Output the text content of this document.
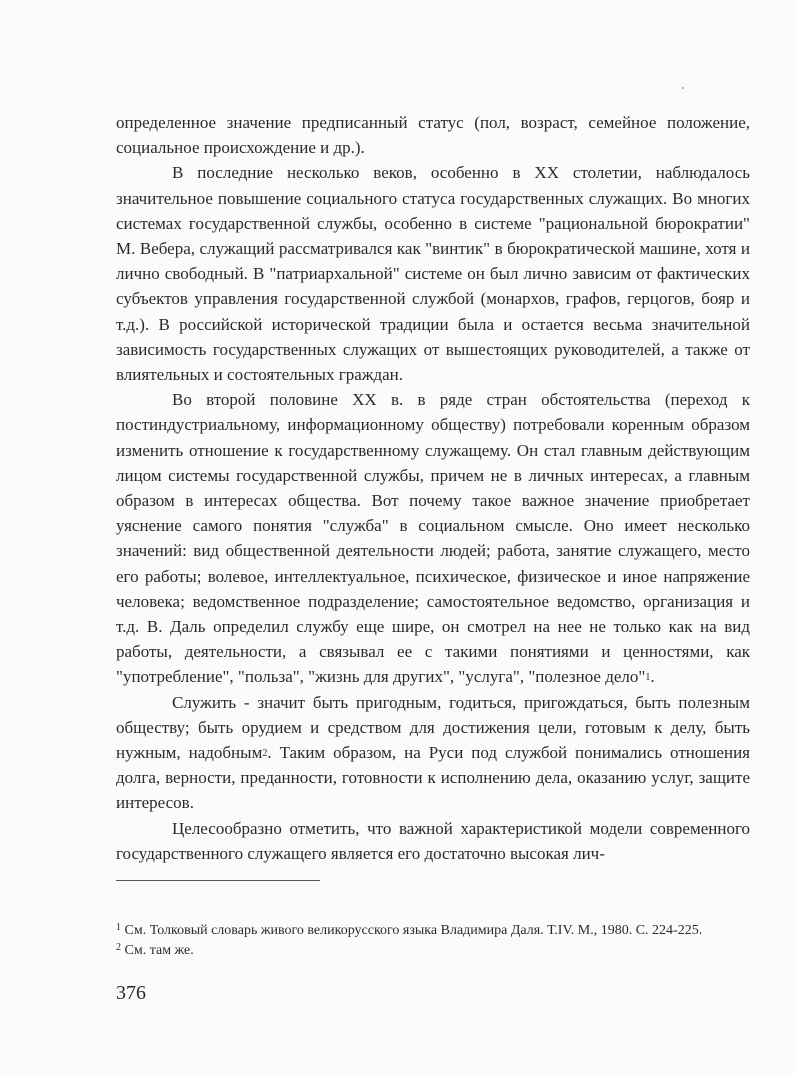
определенное значение предписанный статус (пол, возраст, семейное положение, социальное происхождение и др.).

В последние несколько веков, особенно в XX столетии, наблюдалось значительное повышение социального статуса государственных служащих. Во многих системах государственной службы, особенно в системе "рациональной бюрократии" М. Вебера, служащий рассматривался как "винтик" в бюрократической машине, хотя и лично свободный. В "патриархальной" системе он был лично зависим от фактических субъектов управления государственной службой (монархов, графов, герцогов, бояр и т.д.). В российской исторической традиции была и остается весьма значительной зависимость государственных служащих от вышестоящих руководителей, а также от влиятельных и состоятельных граждан.

Во второй половине XX в. в ряде стран обстоятельства (переход к постиндустриальному, информационному обществу) потребовали коренным образом изменить отношение к государственному служащему. Он стал главным действующим лицом системы государственной службы, причем не в личных интересах, а главным образом в интересах общества. Вот почему такое важное значение приобретает уяснение самого понятия "служба" в социальном смысле. Оно имеет несколько значений: вид общественной деятельности людей; работа, занятие служащего, место его работы; волевое, интеллектуальное, психическое, физическое и иное напряжение человека; ведомственное подразделение; самостоятельное ведомство, организация и т.д. В. Даль определил службу еще шире, он смотрел на нее не только как на вид работы, деятельности, а связывал ее с такими понятиями и ценностями, как "употребление", "польза", "жизнь для других", "услуга", "полезное дело"$^1$.

Служить - значит быть пригодным, годиться, пригождаться, быть полезным обществу; быть орудием и средством для достижения цели, готовым к делу, быть нужным, надобным$^2$. Таким образом, на Руси под службой понимались отношения долга, верности, преданности, готовности к исполнению дела, оказанию услуг, защите интересов.

Целесообразно отметить, что важной характеристикой модели современного государственного служащего является его достаточно высокая лич-

$^1$ См. Толковый словарь живого великорусского языка Владимира Даля. Т.IV. М., 1980. С. 224-225.

$^2$ См. там же.

376
